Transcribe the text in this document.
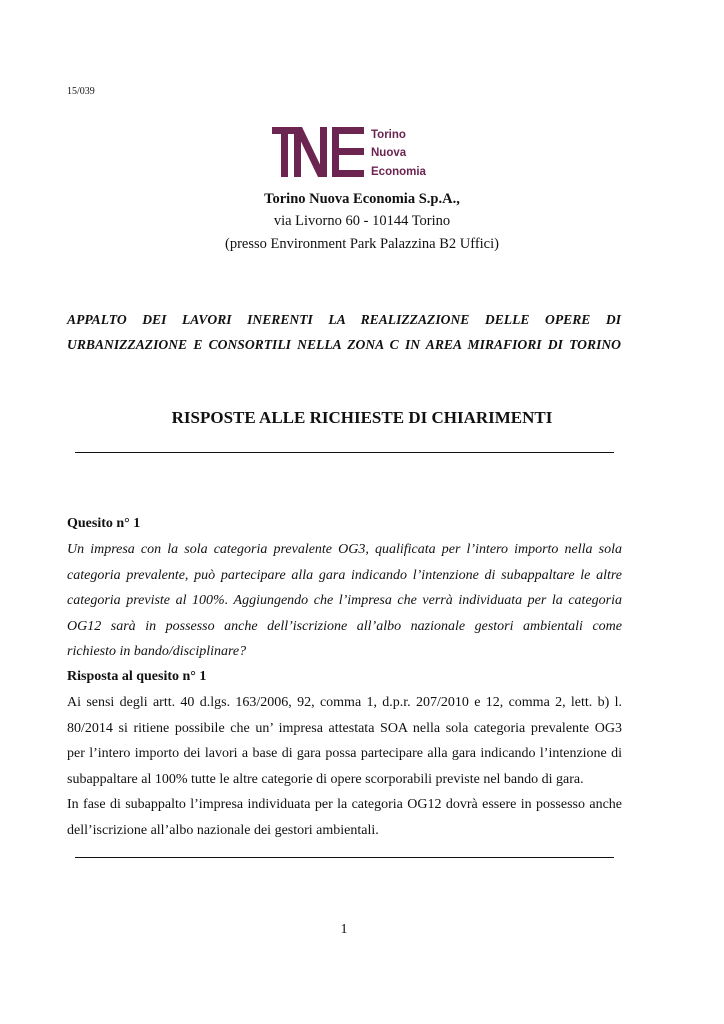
15/039
Torino
Nuova
Economia
Torino Nuova Economia S.p.A.,
via Livorno 60 - 10144 Torino
(presso Environment Park Palazzina B2 Uffici)
APPALTO DEI LAVORI INERENTI LA REALIZZAZIONE DELLE OPERE DI
URBANIZZAZIONE E CONSORTILI NELLA ZONA C IN AREA MIRAFIORI DI TORINO
RISPOSTE ALLE RICHIESTE DI CHIARIMENTI
Quesito n° 1
Un impresa con la sola categoria prevalente OG3, qualificata per l’intero importo nella sola
categoria prevalente, può partecipare alla gara indicando l’intenzione di subappaltare le altre
categoria previste al 100%. Aggiungendo che l’impresa che verrà individuata per la categoria
OG12 sarà in possesso anche dell’iscrizione all’albo nazionale gestori ambientali come
richiesto in bando/disciplinare?
Risposta al quesito n° 1
Ai sensi degli artt. 40 d.lgs. 163/2006, 92, comma 1, d.p.r. 207/2010 e 12, comma 2, lett. b) l.
80/2014 si ritiene possibile che un’ impresa attestata SOA nella sola categoria prevalente OG3
per l’intero importo dei lavori a base di gara possa partecipare alla gara indicando l’intenzione di
subappaltare al 100% tutte le altre categorie di opere scorporabili previste nel bando di gara.
In fase di subappalto l’impresa individuata per la categoria OG12 dovrà essere in possesso anche
dell’iscrizione all’albo nazionale dei gestori ambientali.
1
